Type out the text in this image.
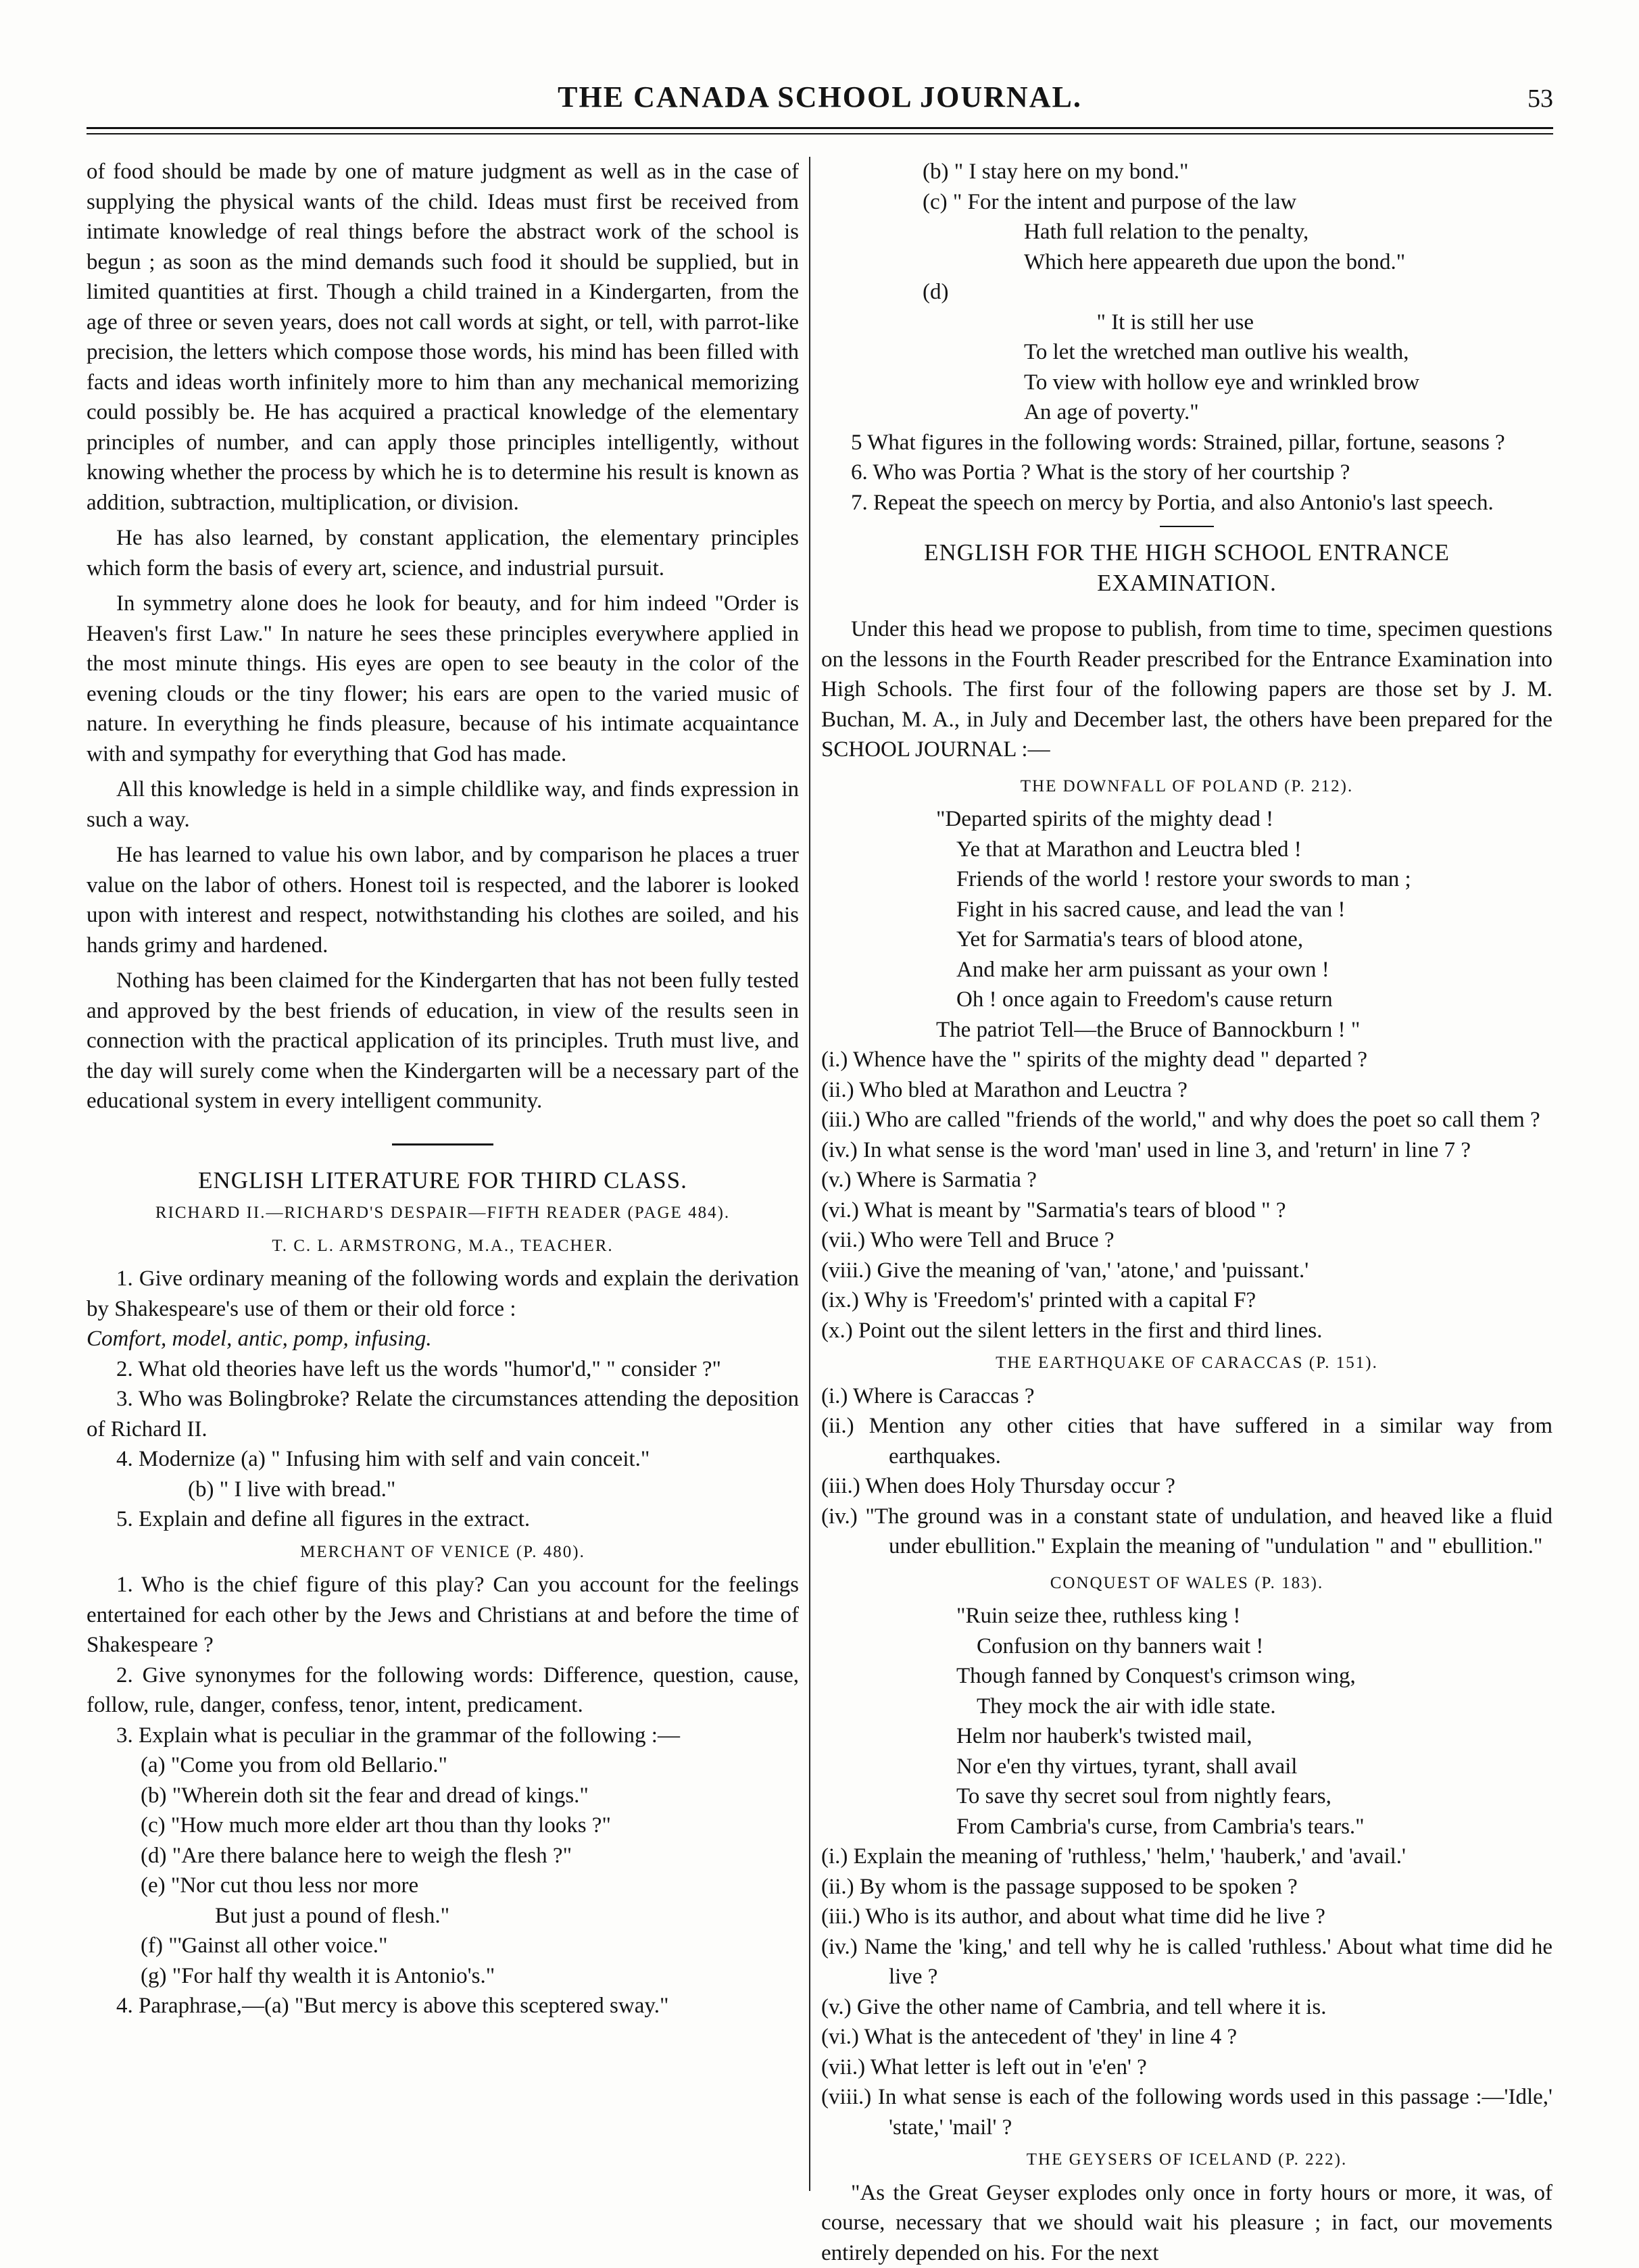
THE CANADA SCHOOL JOURNAL.	53

of food should be made by one of mature judgment as well as in the case of supplying the physical wants of the child. Ideas must first be received from intimate knowledge of real things before the abstract work of the school is begun ; as soon as the mind demands such food it should be supplied, but in limited quantities at first. Though a child trained in a Kindergarten, from the age of three or seven years, does not call words at sight, or tell, with parrot-like precision, the letters which compose those words, his mind has been filled with facts and ideas worth infinitely more to him than any mechanical memorizing could possibly be. He has acquired a practical knowledge of the elementary principles of number, and can apply those principles intelligently, without knowing whether the process by which he is to determine his result is known as addition, subtraction, multiplication, or division.

He has also learned, by constant application, the elementary principles which form the basis of every art, science, and industrial pursuit.

In symmetry alone does he look for beauty, and for him indeed "Order is Heaven's first Law." In nature he sees these principles everywhere applied in the most minute things. His eyes are open to see beauty in the color of the evening clouds or the tiny flower; his ears are open to the varied music of nature. In everything he finds pleasure, because of his intimate acquaintance with and sympathy for everything that God has made.

All this knowledge is held in a simple childlike way, and finds expression in such a way.

He has learned to value his own labor, and by comparison he places a truer value on the labor of others. Honest toil is respected, and the laborer is looked upon with interest and respect, notwithstanding his clothes are soiled, and his hands grimy and hardened.

Nothing has been claimed for the Kindergarten that has not been fully tested and approved by the best friends of education, in view of the results seen in connection with the practical application of its principles. Truth must live, and the day will surely come when the Kindergarten will be a necessary part of the educational system in every intelligent community.

ENGLISH LITERATURE FOR THIRD CLASS.
RICHARD II.—RICHARD'S DESPAIR—FIFTH READER (PAGE 484).
T. C. L. ARMSTRONG, M.A., TEACHER.

1. Give ordinary meaning of the following words and explain the derivation by Shakespeare's use of them or their old force :

Comfort, model, antic, pomp, infusing.

2. What old theories have left us the words "humor'd," " consider ?"

3. Who was Bolingbroke? Relate the circumstances attending the deposition of Richard II.

4. Modernize (a) " Infusing him with self and vain conceit."

(b) " I live with bread."

5. Explain and define all figures in the extract.

MERCHANT OF VENICE (P. 480).

1. Who is the chief figure of this play? Can you account for the feelings entertained for each other by the Jews and Christians at and before the time of Shakespeare ?

2. Give synonymes for the following words: Difference, question, cause, follow, rule, danger, confess, tenor, intent, predicament.

3. Explain what is peculiar in the grammar of the following :—

(a) "Come you from old Bellario."

(b) "Wherein doth sit the fear and dread of kings."

(c) "How much more elder art thou than thy looks ?"

(d) "Are there balance here to weigh the flesh ?"

(e) "Nor cut thou less nor more

But just a pound of flesh."

(f) "'Gainst all other voice."

(g) "For half thy wealth it is Antonio's."

4. Paraphrase,—(a) "But mercy is above this sceptered sway."

(b) " I stay here on my bond."

(c) " For the intent and purpose of the law

Hath full relation to the penalty,

Which here appeareth due upon the bond."

(d)

" It is still her use

To let the wretched man outlive his wealth,

To view with hollow eye and wrinkled brow

An age of poverty."

5 What figures in the following words: Strained, pillar, fortune, seasons ?

6. Who was Portia ? What is the story of her courtship ?

7. Repeat the speech on mercy by Portia, and also Antonio's last speech.

ENGLISH FOR THE HIGH SCHOOL ENTRANCE EXAMINATION.

Under this head we propose to publish, from time to time, specimen questions on the lessons in the Fourth Reader prescribed for the Entrance Examination into High Schools. The first four of the following papers are those set by J. M. Buchan, M. A., in July and December last, the others have been prepared for the SCHOOL JOURNAL :—

THE DOWNFALL OF POLAND (P. 212).

"Departed spirits of the mighty dead !

Ye that at Marathon and Leuctra bled !

Friends of the world ! restore your swords to man ;

Fight in his sacred cause, and lead the van !

Yet for Sarmatia's tears of blood atone,

And make her arm puissant as your own !

Oh ! once again to Freedom's cause return

The patriot Tell—the Bruce of Bannockburn ! "

(i.) Whence have the " spirits of the mighty dead " departed ?

(ii.) Who bled at Marathon and Leuctra ?

(iii.) Who are called "friends of the world," and why does the poet so call them ?

(iv.) In what sense is the word 'man' used in line 3, and 'return' in line 7 ?

(v.) Where is Sarmatia ?

(vi.) What is meant by "Sarmatia's tears of blood " ?

(vii.) Who were Tell and Bruce ?

(viii.) Give the meaning of 'van,' 'atone,' and 'puissant.'

(ix.) Why is 'Freedom's' printed with a capital F?

(x.) Point out the silent letters in the first and third lines.

THE EARTHQUAKE OF CARACCAS (P. 151).

(i.) Where is Caraccas ?

(ii.) Mention any other cities that have suffered in a similar way from earthquakes.

(iii.) When does Holy Thursday occur ?

(iv.) "The ground was in a constant state of undulation, and heaved like a fluid under ebullition." Explain the meaning of "undulation " and " ebullition."

CONQUEST OF WALES (P. 183).

"Ruin seize thee, ruthless king !

Confusion on thy banners wait !

Though fanned by Conquest's crimson wing,

They mock the air with idle state.

Helm nor hauberk's twisted mail,

Nor e'en thy virtues, tyrant, shall avail

To save thy secret soul from nightly fears,

From Cambria's curse, from Cambria's tears."

(i.) Explain the meaning of 'ruthless,' 'helm,' 'hauberk,' and 'avail.'

(ii.) By whom is the passage supposed to be spoken ?

(iii.) Who is its author, and about what time did he live ?

(iv.) Name the 'king,' and tell why he is called 'ruthless.' About what time did he live ?

(v.) Give the other name of Cambria, and tell where it is.

(vi.) What is the antecedent of 'they' in line 4 ?

(vii.) What letter is left out in 'e'en' ?

(viii.) In what sense is each of the following words used in this passage :—'Idle,' 'state,' 'mail' ?

THE GEYSERS OF ICELAND (P. 222).

"As the Great Geyser explodes only once in forty hours or more, it was, of course, necessary that we should wait his pleasure ; in fact, our movements entirely depended on his. For the next
